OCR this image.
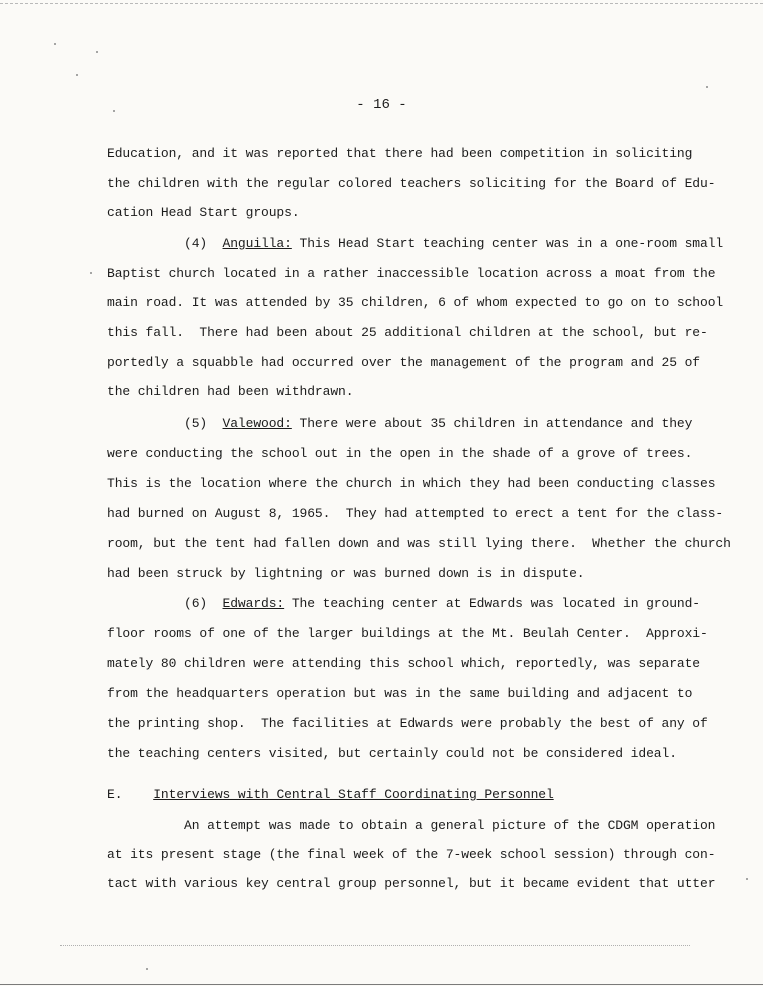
- 16 -
Education, and it was reported that there had been competition in soliciting
the children with the regular colored teachers soliciting for the Board of Edu-
cation Head Start groups.
(4) Anguilla: This Head Start teaching center was in a one-room small
Baptist church located in a rather inaccessible location across a moat from the
main road. It was attended by 35 children, 6 of whom expected to go on to school
this fall.  There had been about 25 additional children at the school, but re-
portedly a squabble had occurred over the management of the program and 25 of
the children had been withdrawn.
(5) Valewood: There were about 35 children in attendance and they
were conducting the school out in the open in the shade of a grove of trees.
This is the location where the church in which they had been conducting classes
had burned on August 8, 1965.  They had attempted to erect a tent for the class-
room, but the tent had fallen down and was still lying there.  Whether the church
had been struck by lightning or was burned down is in dispute.
(6) Edwards: The teaching center at Edwards was located in ground-
floor rooms of one of the larger buildings at the Mt. Beulah Center.  Approxi-
mately 80 children were attending this school which, reportedly, was separate
from the headquarters operation but was in the same building and adjacent to
the printing shop.  The facilities at Edwards were probably the best of any of
the teaching centers visited, but certainly could not be considered ideal.
E. Interviews with Central Staff Coordinating Personnel
An attempt was made to obtain a general picture of the CDGM operation
at its present stage (the final week of the 7-week school session) through con-
tact with various key central group personnel, but it became evident that utter
